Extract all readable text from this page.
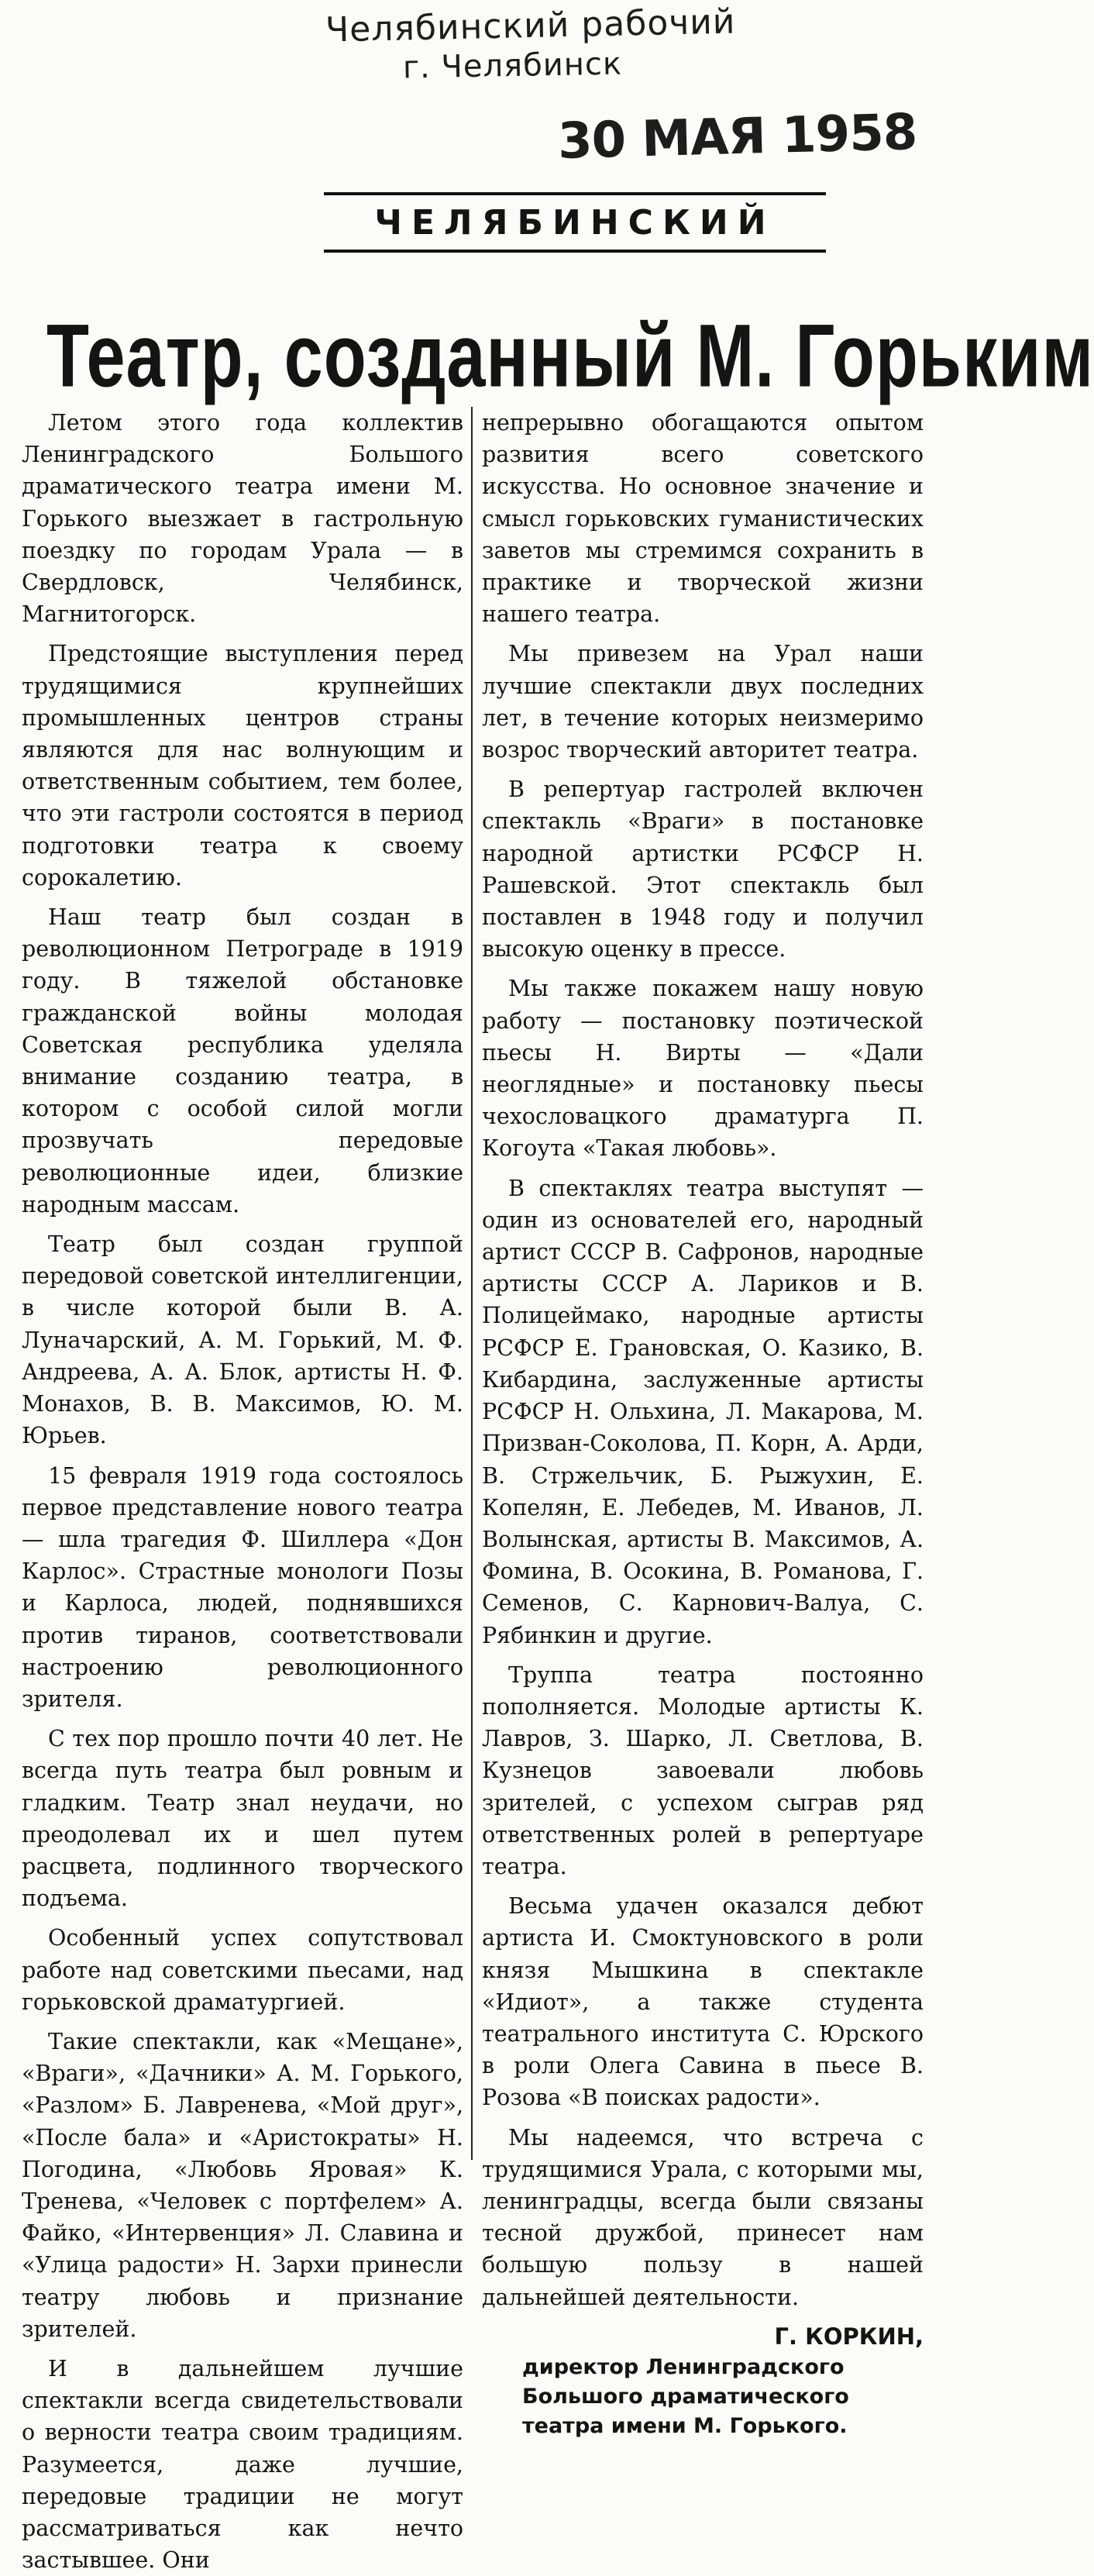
Челябинский рабочий
г. Челябинск
30 МАЯ 1958
ЧЕЛЯБИНСКИЙ
Театр, созданный М. Горьким

Летом этого года коллектив Ленинградского Большого драматического театра имени М. Горького выезжает в гастрольную поездку по городам Урала — в Свердловск, Челябинск, Магнитогорск.

Предстоящие выступления перед трудящимися крупнейших промышленных центров страны являются для нас волнующим и ответственным событием, тем более, что эти гастроли состоятся в период подготовки театра к своему сорокалетию.

Наш театр был создан в революционном Петрограде в 1919 году. В тяжелой обстановке гражданской войны молодая Советская республика уделяла внимание созданию театра, в котором с особой силой могли прозвучать передовые революционные идеи, близкие народным массам.

Театр был создан группой передовой советской интеллигенции, в числе которой были В. А. Луначарский, А. М. Горький, М. Ф. Андреева, А. А. Блок, артисты Н. Ф. Монахов, В. В. Максимов, Ю. М. Юрьев.

15 февраля 1919 года состоялось первое представление нового театра — шла трагедия Ф. Шиллера «Дон Карлос». Страстные монологи Позы и Карлоса, людей, поднявшихся против тиранов, соответствовали настроению революционного зрителя.

С тех пор прошло почти 40 лет. Не всегда путь театра был ровным и гладким. Театр знал неудачи, но преодолевал их и шел путем расцвета, подлинного творческого подъема.

Особенный успех сопутствовал работе над советскими пьесами, над горьковской драматургией.

Такие спектакли, как «Мещане», «Враги», «Дачники» А. М. Горького, «Разлом» Б. Лавренева, «Мой друг», «После бала» и «Аристократы» Н. Погодина, «Любовь Яровая» К. Тренева, «Человек с портфелем» А. Файко, «Интервенция» Л. Славина и «Улица радости» Н. Зархи принесли театру любовь и признание зрителей.

И в дальнейшем лучшие спектакли всегда свидетельствовали о верности театра своим традициям. Разумеется, даже лучшие, передовые традиции не могут рассматриваться как нечто застывшее. Они

непрерывно обогащаются опытом развития всего советского искусства. Но основное значение и смысл горьковских гуманистических заветов мы стремимся сохранить в практике и творческой жизни нашего театра.

Мы привезем на Урал наши лучшие спектакли двух последних лет, в течение которых неизмеримо возрос творческий авторитет театра.

В репертуар гастролей включен спектакль «Враги» в постановке народной артистки РСФСР Н. Рашевской. Этот спектакль был поставлен в 1948 году и получил высокую оценку в прессе.

Мы также покажем нашу новую работу — постановку поэтической пьесы Н. Вирты — «Дали неоглядные» и постановку пьесы чехословацкого драматурга П. Когоута «Такая любовь».

В спектаклях театра выступят — один из основателей его, народный артист СССР В. Сафронов, народные артисты СССР А. Лариков и В. Полицеймако, народные артисты РСФСР Е. Грановская, О. Казико, В. Кибардина, заслуженные артисты РСФСР Н. Ольхина, Л. Макарова, М. Призван-Соколова, П. Корн, А. Арди, В. Стржельчик, Б. Рыжухин, Е. Копелян, Е. Лебедев, М. Иванов, Л. Волынская, артисты В. Максимов, А. Фомина, В. Осокина, В. Романова, Г. Семенов, С. Карнович-Валуа, С. Рябинкин и другие.

Труппа театра постоянно пополняется. Молодые артисты К. Лавров, З. Шарко, Л. Светлова, В. Кузнецов завоевали любовь зрителей, с успехом сыграв ряд ответственных ролей в репертуаре театра.

Весьма удачен оказался дебют артиста И. Смоктуновского в роли князя Мышкина в спектакле «Идиот», а также студента театрального института С. Юрского в роли Олега Савина в пьесе В. Розова «В поисках радости».

Мы надеемся, что встреча с трудящимися Урала, с которыми мы, ленинградцы, всегда были связаны тесной дружбой, принесет нам большую пользу в нашей дальнейшей деятельности.

Г. КОРКИН,
директор Ленинградского Большого драматического театра имени М. Горького.
